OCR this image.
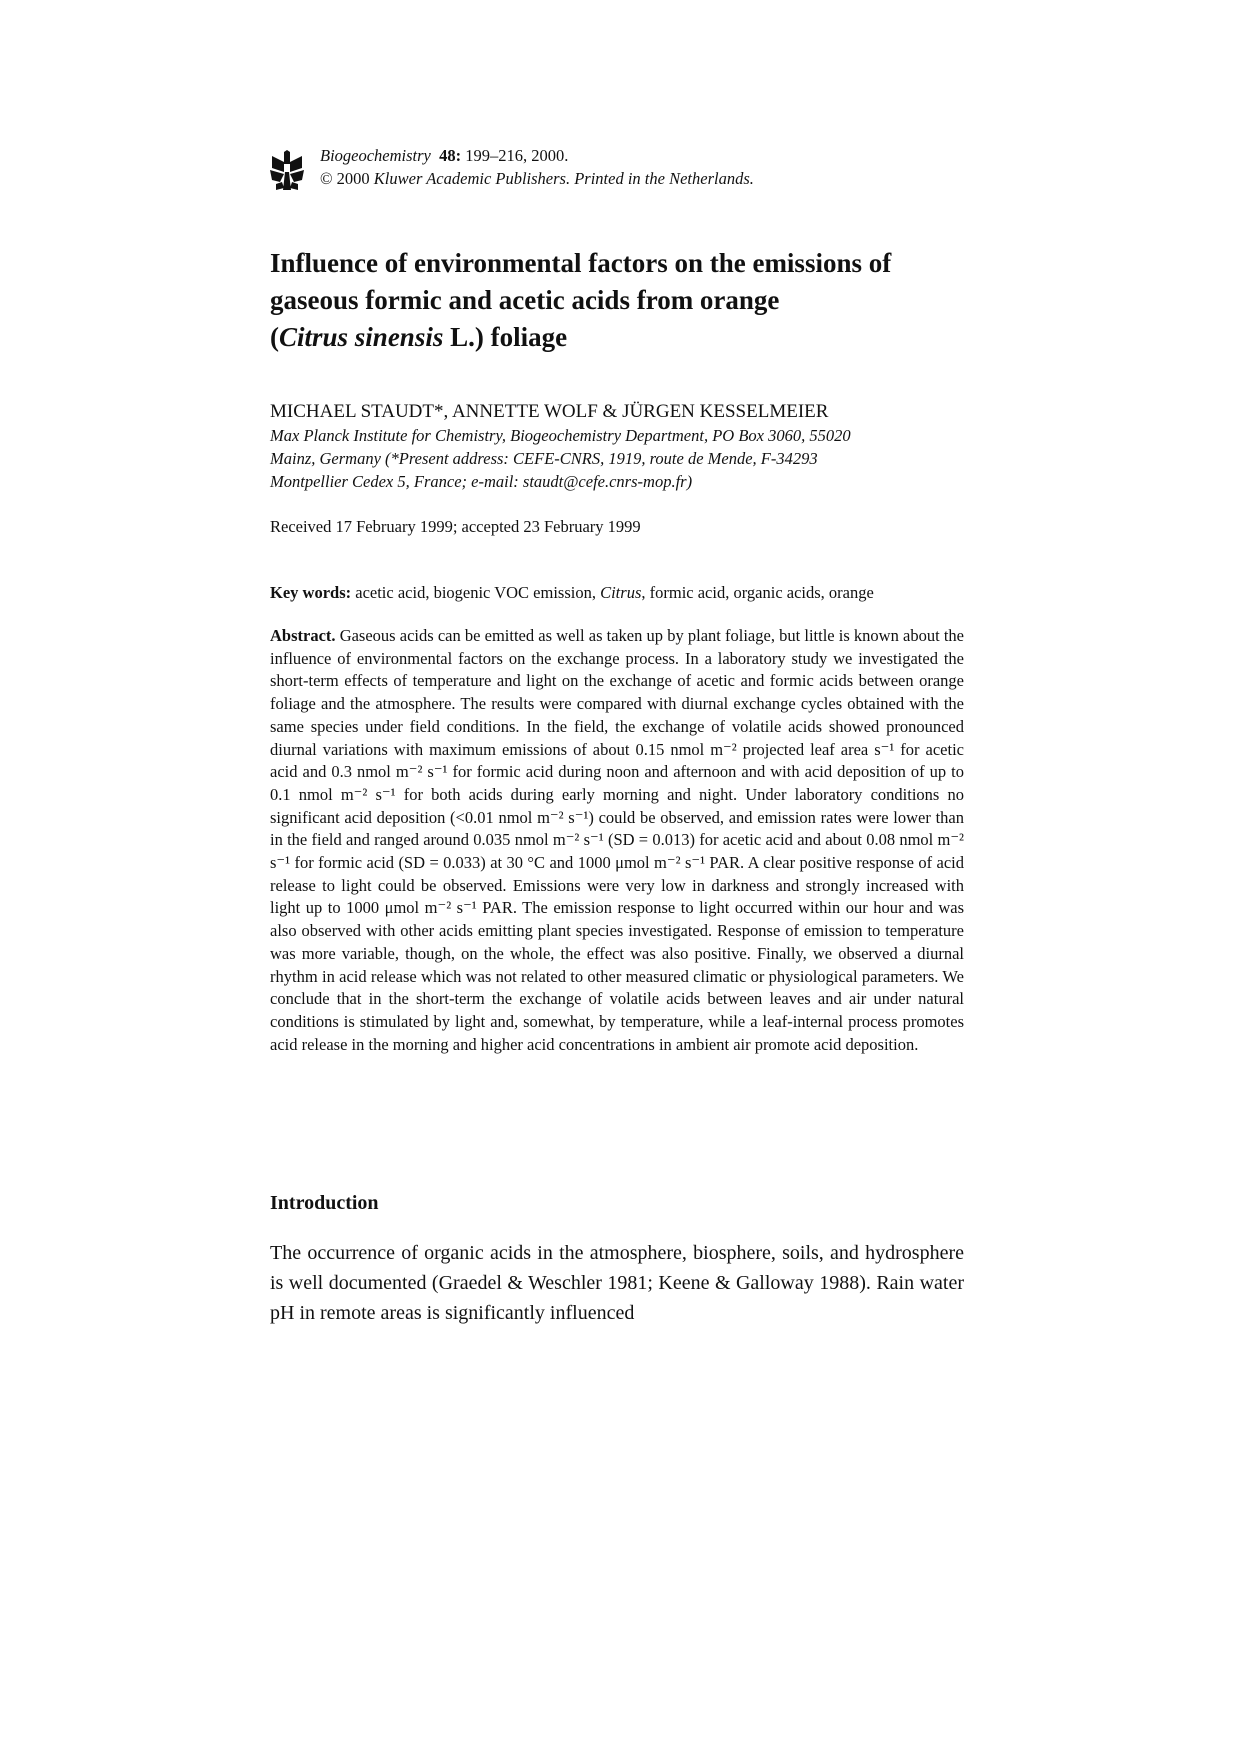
Biogeochemistry 48: 199–216, 2000.
© 2000 Kluwer Academic Publishers. Printed in the Netherlands.
Influence of environmental factors on the emissions of
gaseous formic and acetic acids from orange
(Citrus sinensis L.) foliage
MICHAEL STAUDT*, ANNETTE WOLF & JÜRGEN KESSELMEIER
Max Planck Institute for Chemistry, Biogeochemistry Department, PO Box 3060, 55020
Mainz, Germany (*Present address: CEFE-CNRS, 1919, route de Mende, F-34293
Montpellier Cedex 5, France; e-mail: staudt@cefe.cnrs-mop.fr)
Received 17 February 1999; accepted 23 February 1999
Key words: acetic acid, biogenic VOC emission, Citrus, formic acid, organic acids, orange

Abstract. Gaseous acids can be emitted as well as taken up by plant foliage, but little is known about the influence of environmental factors on the exchange process. In a laboratory study we investigated the short-term effects of temperature and light on the exchange of acetic and formic acids between orange foliage and the atmosphere. The results were compared with diurnal exchange cycles obtained with the same species under field conditions. In the field, the exchange of volatile acids showed pronounced diurnal variations with maximum emissions of about 0.15 nmol m⁻² projected leaf area s⁻¹ for acetic acid and 0.3 nmol m⁻² s⁻¹ for formic acid during noon and afternoon and with acid deposition of up to 0.1 nmol m⁻² s⁻¹ for both acids during early morning and night. Under laboratory conditions no significant acid deposition (<0.01 nmol m⁻² s⁻¹) could be observed, and emission rates were lower than in the field and ranged around 0.035 nmol m⁻² s⁻¹ (SD = 0.013) for acetic acid and about 0.08 nmol m⁻² s⁻¹ for formic acid (SD = 0.033) at 30 °C and 1000 μmol m⁻² s⁻¹ PAR. A clear positive response of acid release to light could be observed. Emissions were very low in darkness and strongly increased with light up to 1000 μmol m⁻² s⁻¹ PAR. The emission response to light occurred within our hour and was also observed with other acids emitting plant species investigated. Response of emission to temperature was more variable, though, on the whole, the effect was also positive. Finally, we observed a diurnal rhythm in acid release which was not related to other measured climatic or physiological parameters. We conclude that in the short-term the exchange of volatile acids between leaves and air under natural conditions is stimulated by light and, somewhat, by temperature, while a leaf-internal process promotes acid release in the morning and higher acid concentrations in ambient air promote acid deposition.

Introduction

The occurrence of organic acids in the atmosphere, biosphere, soils, and hydrosphere is well documented (Graedel & Weschler 1981; Keene & Galloway 1988). Rain water pH in remote areas is significantly influenced
